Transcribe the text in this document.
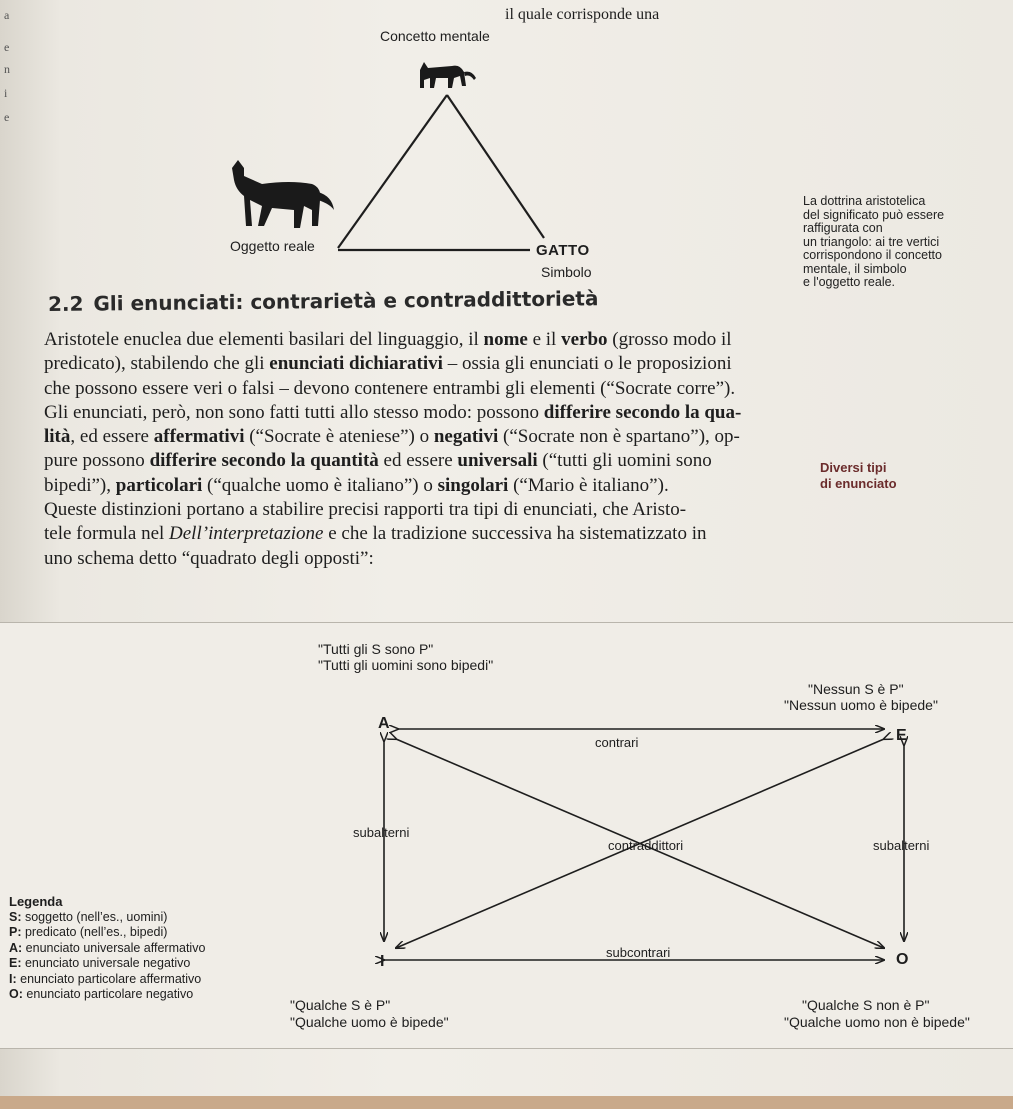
il quale corrisponde una
a
e
n
i
e
Concetto mentale
Oggetto reale	GATTO
Simbolo
La dottrina aristotelica
del significato può essere
raffigurata con
un triangolo: ai tre vertici
corrispondono il concetto
mentale, il simbolo
e l'oggetto reale.
2.2 Gli enunciati: contrarietà e contraddittorietà

Aristotele enuclea due elementi basilari del linguaggio, il nome e il verbo (grosso modo il

predicato), stabilendo che gli enunciati dichiarativi – ossia gli enunciati o le proposizioni

che possono essere veri o falsi – devono contenere entrambi gli elementi (“Socrate corre”).

Gli enunciati, però, non sono fatti tutti allo stesso modo: possono differire secondo la qua-

lità, ed essere affermativi (“Socrate è ateniese”) o negativi (“Socrate non è spartano”), op-

pure possono differire secondo la quantità ed essere universali (“tutti gli uomini sono

bipedi”), particolari (“qualche uomo è italiano”) o singolari (“Mario è italiano”).

Queste distinzioni portano a stabilire precisi rapporti tra tipi di enunciati, che Aristo-

tele formula nel Dell’interpretazione e che la tradizione successiva ha sistematizzato in

uno schema detto “quadrato degli opposti”:

Diversi tipi
di enunciato
"Tutti gli S sono P"
"Tutti gli uomini sono bipedi"
"Nessun S è P"
"Nessun uomo è bipede"
A
E
I	O
contrari
subalterni
contraddittori	subalterni
subcontrari
"Qualche S è P"
"Qualche uomo è bipede"
"Qualche S non è P"
"Qualche uomo non è bipede"
Legenda
S: soggetto (nell’es., uomini)
P: predicato (nell’es., bipedi)
A: enunciato universale affermativo
E: enunciato universale negativo
I: enunciato particolare affermativo
O: enunciato particolare negativo
